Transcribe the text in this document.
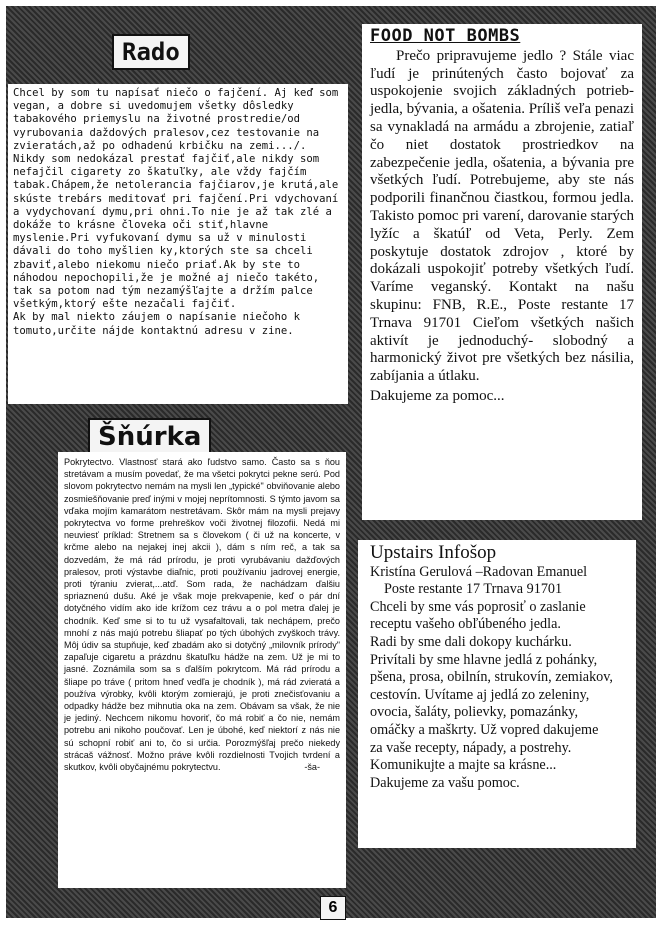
Rado

Chcel by som tu napísať niečo o fajčení. Aj keď som vegan, a dobre si uvedomujem všetky dôsledky tabakového priemyslu na životné prostredie/od vyrubovania daždových pralesov,cez testovanie na zvieratách,až po odhadenú krbičku na zemi.../. Nikdy som nedokázal prestať fajčiť,ale nikdy som nefajčil cigarety zo škatuľky, ale vždy fajčím tabak.Chápem,že netolerancia fajčiarov,je krutá,ale skúste trebárs meditovať pri fajčení.Pri vdychovaní a vydychovaní dymu,pri ohni.To nie je až tak zlé a dokáže to krásne človeka oči stiť,hlavne myslenie.Pri vyfukovaní dymu sa už v minulosti dávali do toho myšlien ky,ktorých ste sa chceli zbaviť,alebo niekomu niečo priať.Ak by ste to náhodou nepochopili,že je možné aj niečo takéto, tak sa potom nad tým nezamýšľajte a držím palce všetkým,ktorý ešte nezačali fajčiť.

Ak by mal niekto záujem o napísanie niečoho k tomuto,určite nájde kontaktnú adresu v zine.

FOOD NOT BOMBS
Prečo pripravujeme jedlo ? Stále viac ľudí je prinútených často bojovať za uspokojenie svojich základných potrieb- jedla, bývania, a ošatenia. Príliš veľa penazi sa vynakladá na armádu a zbrojenie, zatiaľ čo niet dostatok prostriedkov na zabezpečenie jedla, ošatenia, a bývania pre všetkých ľudí. Potrebujeme, aby ste nás podporili finančnou čiastkou, formou jedla. Takisto pomoc pri varení, darovanie starých lyžíc a škatúľ od Veta, Perly. Zem poskytuje dostatok zdrojov , ktoré by dokázali uspokojiť potreby všetkých ľudí. Varíme veganský. Kontakt na našu skupinu: FNB, R.E., Poste restante 17 Trnava 91701 Cieľom všetkých našich aktivít je jednoduchý- slobodný a harmonický život pre všetkých bez násilia, zabíjania a útlaku.
Dakujeme za pomoc...
Šňúrka
Pokrytectvo. Vlastnosť stará ako ľudstvo samo. Často sa s ňou stretávam a musím povedať, že ma všetci pokrytci pekne serú. Pod slovom pokrytectvo nemám na mysli len „typické" obviňovanie alebo zosmiešňovanie preď inými v mojej neprítomnosti. S týmto javom sa vďaka mojím kamarátom nestretávam. Skôr mám na mysli prejavy pokrytectva vo forme prehreškov voči životnej filozofii. Nedá mi neuviesť príklad: Stretnem sa s človekom ( či už na koncerte, v krčme alebo na nejakej inej akcii ), dám s ním reč, a tak sa dozvedám, že má rád prírodu, je proti vyrubávaniu dažďových pralesov, proti výstavbe diaľnic, proti používaniu jadrovej energie, proti týraniu zvierat,...atď. Som rada, že nachádzam ďalšiu spriaznenú dušu. Aké je však moje prekvapenie, keď o pár dní dotyčného vidím ako ide krížom cez trávu a o pol metra ďalej je chodník. Keď sme si to tu už vysafaltovali, tak nechápem, prečo mnohí z nás majú potrebu šliapať po tých úbohých zvyškoch trávy. Môj údiv sa stupňuje, keď zbadám ako si dotyčný „milovník prírody" zapaľuje cigaretu a prázdnu škatuľku hádže na zem. Už je mi to jasné. Zoznámila som sa s ďalším pokrytcom. Má rád prírodu a šliape po tráve ( pritom hneď vedľa je chodník ), má rád zvieratá a používa výrobky, kvôli ktorým zomierajú, je proti znečisťovaniu a odpadky hádže bez mihnutia oka na zem. Obávam sa však, že nie je jediný. Nechcem nikomu hovoriť, čo má robiť a čo nie, nemám potrebu ani nikoho poučovať. Len je úbohé, keď niektorí z nás nie sú schopní robiť ani to, čo si určia. Porozmýšľaj prečo niekedy strácaš vážnosť. Možno práve kvôli rozdielnosti Tvojich tvrdení a skutkov, kvôli obyčajnému pokrytectvu.	-ša-
Upstairs Infošop
Kristína Gerulová –Radovan Emanuel
Poste restante 17 Trnava 91701
Chceli by sme vás poprosiť o zaslanie receptu vašeho obľúbeného jedla.
Radi by sme dali dokopy kuchárku.
Privítali by sme hlavne jedlá z pohánky, pšena, prosa, obilnín, strukovín, zemiakov,
cestovín. Uvítame aj jedlá zo zeleniny, ovocia, šaláty, polievky, pomazánky, omáčky a maškrty. Už vopred dakujeme
za vaše recepty, nápady, a postrehy.
Komunikujte a majte sa krásne...
Dakujeme za vašu pomoc.
6
